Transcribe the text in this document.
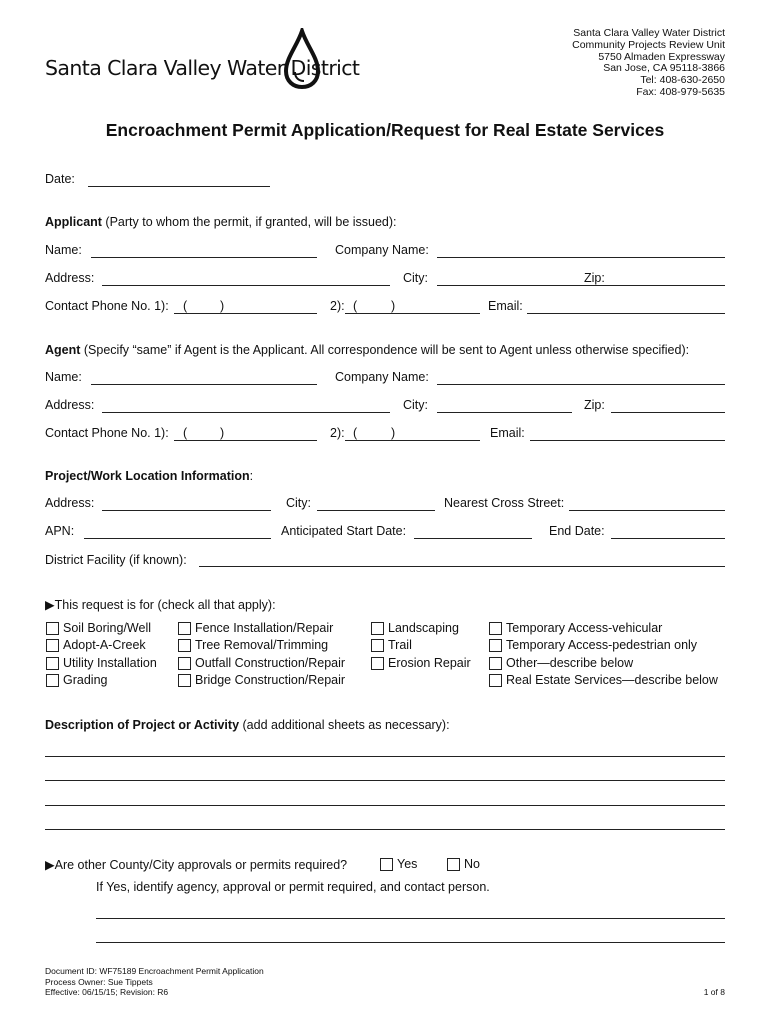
Santa Clara Valley Water District
Santa Clara Valley Water District
Community Projects Review Unit
5750 Almaden Expressway
San Jose, CA 95118-3866
Tel: 408-630-2650
Fax: 408-979-5635
Encroachment Permit Application/Request for Real Estate Services
Date:
Applicant (Party to whom the permit, if granted, will be issued):
Name:	Company Name:
Address:	City:	Zip:
Contact Phone No. 1): (	)	2): (	)	Email:
Agent (Specify “same” if Agent is the Applicant. All correspondence will be sent to Agent unless otherwise specified):
Name:	Company Name:
Address:	City:	Zip:
Contact Phone No. 1): (	)	2): (	)	Email:
Project/Work Location Information:
Address:	City:	Nearest Cross Street:
APN:	Anticipated Start Date:	End Date:
District Facility (if known):
▶This request is for (check all that apply):
Soil Boring/Well
Adopt-A-Creek
Utility Installation
Grading
Fence Installation/Repair
Tree Removal/Trimming
Outfall Construction/Repair
Bridge Construction/Repair
Landscaping
Trail
Erosion Repair
Temporary Access-vehicular
Temporary Access-pedestrian only
Other—describe below
Real Estate Services—describe below
Description of Project or Activity (add additional sheets as necessary):
▶Are other County/City approvals or permits required?	Yes	No
If Yes, identify agency, approval or permit required, and contact person.
Document ID: WF75189 Encroachment Permit Application
Process Owner: Sue Tippets
Effective: 06/15/15; Revision: R6	1 of 8
